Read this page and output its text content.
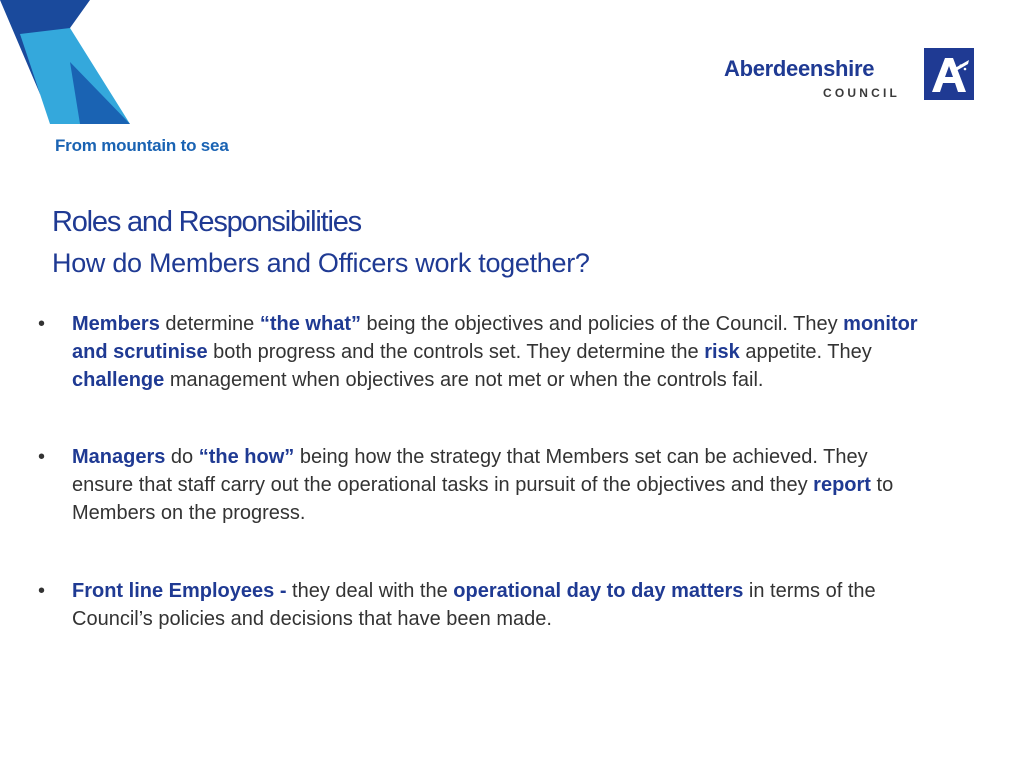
From mountain to sea
Aberdeenshire
COUNCIL
Roles and Responsibilities
How do Members and Officers work together?
• Members determine “the what” being the objectives and policies of the Council. They monitor and scrutinise both progress and the controls set. They determine the risk appetite. They challenge management when objectives are not met or when the controls fail.

• Managers do “the how” being how the strategy that Members set can be achieved. They ensure that staff carry out the operational tasks in pursuit of the objectives and they report to Members on the progress.

• Front line Employees - they deal with the operational day to day matters in terms of the Council’s policies and decisions that have been made.
